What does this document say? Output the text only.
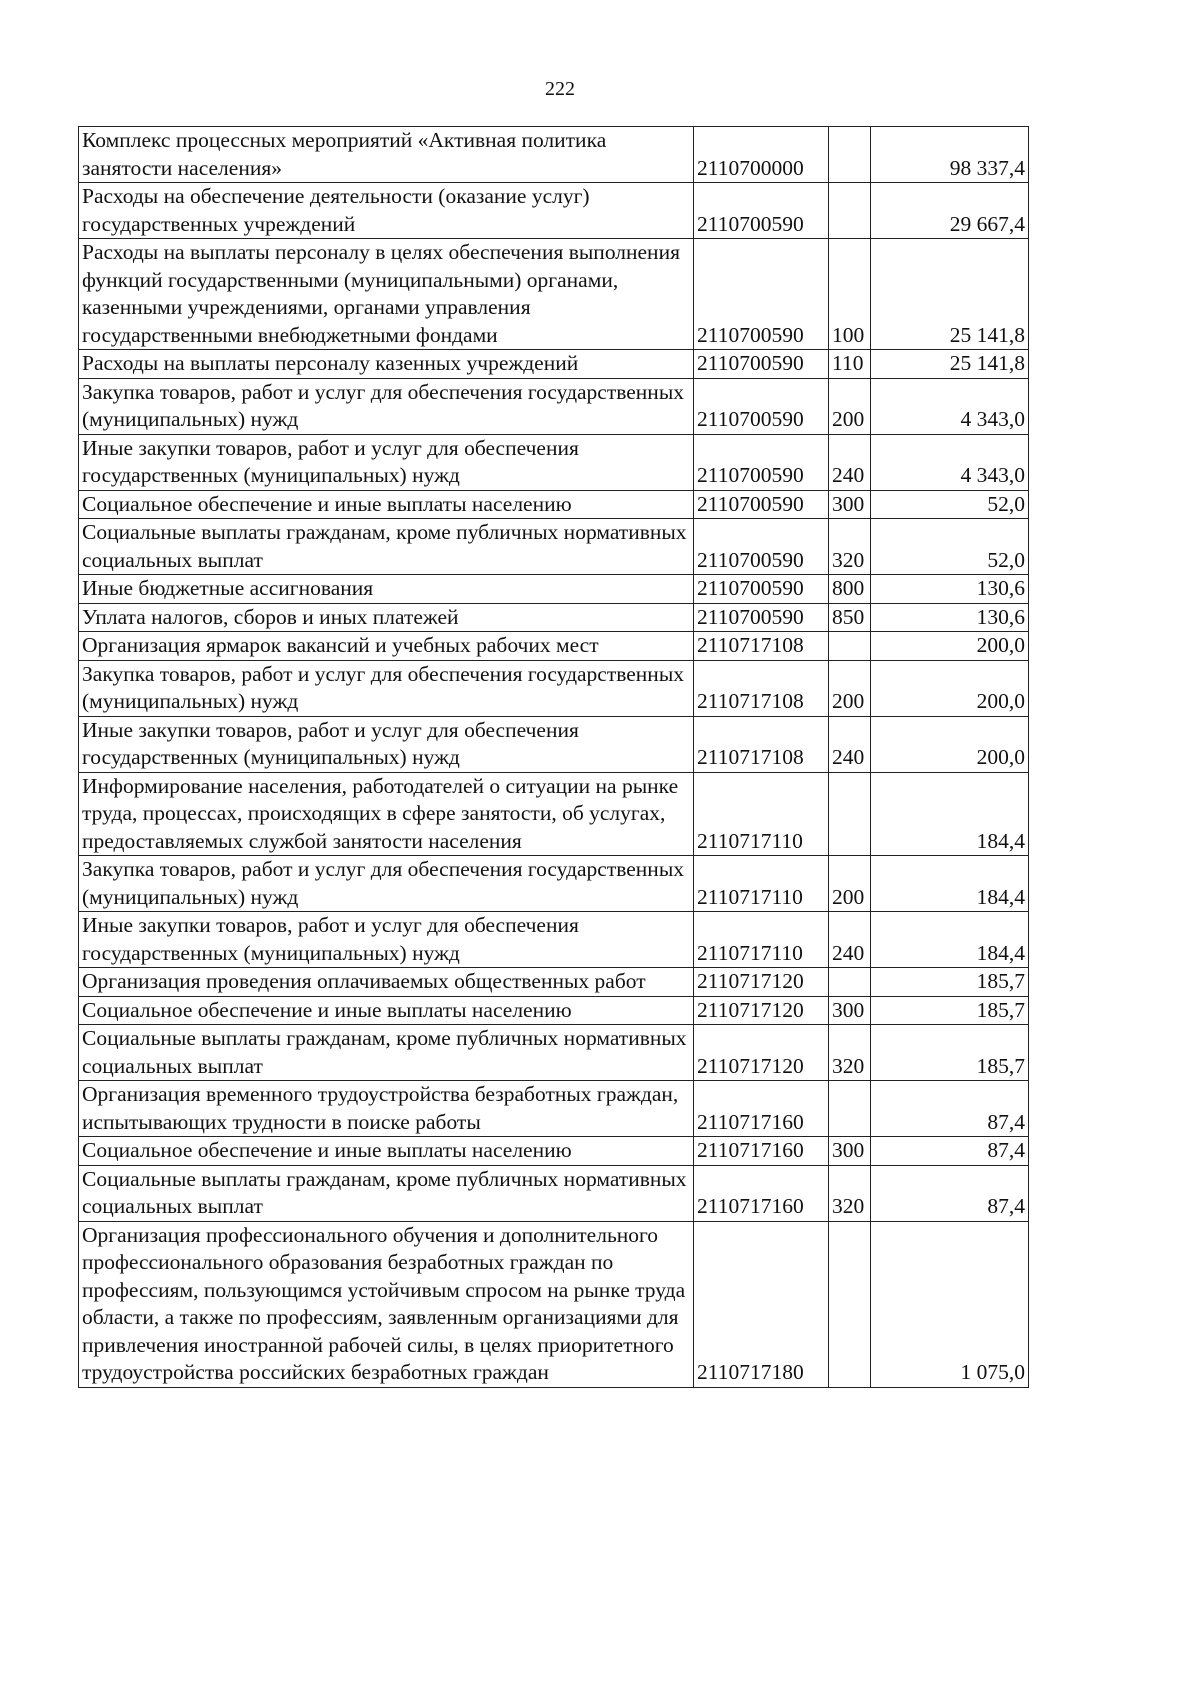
222
Комплекс процессных мероприятий «Активная политика занятости населения»	2110700000		98 337,4
Расходы на обеспечение деятельности (оказание услуг) государственных учреждений	2110700590		29 667,4
Расходы на выплаты персоналу в целях обеспечения выполнения функций государственными (муниципальными) органами, казенными учреждениями, органами управления государственными внебюджетными фондами	2110700590	100	25 141,8
Расходы на выплаты персоналу казенных учреждений	2110700590	110	25 141,8
Закупка товаров, работ и услуг для обеспечения государственных (муниципальных) нужд	2110700590	200	4 343,0
Иные закупки товаров, работ и услуг для обеспечения государственных (муниципальных) нужд	2110700590	240	4 343,0
Социальное обеспечение и иные выплаты населению	2110700590	300	52,0
Социальные выплаты гражданам, кроме публичных нормативных социальных выплат	2110700590	320	52,0
Иные бюджетные ассигнования	2110700590	800	130,6
Уплата налогов, сборов и иных платежей	2110700590	850	130,6
Организация ярмарок вакансий и учебных рабочих мест	2110717108		200,0
Закупка товаров, работ и услуг для обеспечения государственных (муниципальных) нужд	2110717108	200	200,0
Иные закупки товаров, работ и услуг для обеспечения государственных (муниципальных) нужд	2110717108	240	200,0
Информирование населения, работодателей о ситуации на рынке труда, процессах, происходящих в сфере занятости, об услугах, предоставляемых службой занятости населения	2110717110		184,4
Закупка товаров, работ и услуг для обеспечения государственных (муниципальных) нужд	2110717110	200	184,4
Иные закупки товаров, работ и услуг для обеспечения государственных (муниципальных) нужд	2110717110	240	184,4
Организация проведения оплачиваемых общественных работ	2110717120		185,7
Социальное обеспечение и иные выплаты населению	2110717120	300	185,7
Социальные выплаты гражданам, кроме публичных нормативных социальных выплат	2110717120	320	185,7
Организация временного трудоустройства безработных граждан, испытывающих трудности в поиске работы	2110717160		87,4
Социальное обеспечение и иные выплаты населению	2110717160	300	87,4
Социальные выплаты гражданам, кроме публичных нормативных социальных выплат	2110717160	320	87,4
Организация профессионального обучения и дополнительного профессионального образования безработных граждан по профессиям, пользующимся устойчивым спросом на рынке труда области, а также по профессиям, заявленным организациями для привлечения иностранной рабочей силы, в целях приоритетного трудоустройства российских безработных граждан	2110717180		1 075,0
